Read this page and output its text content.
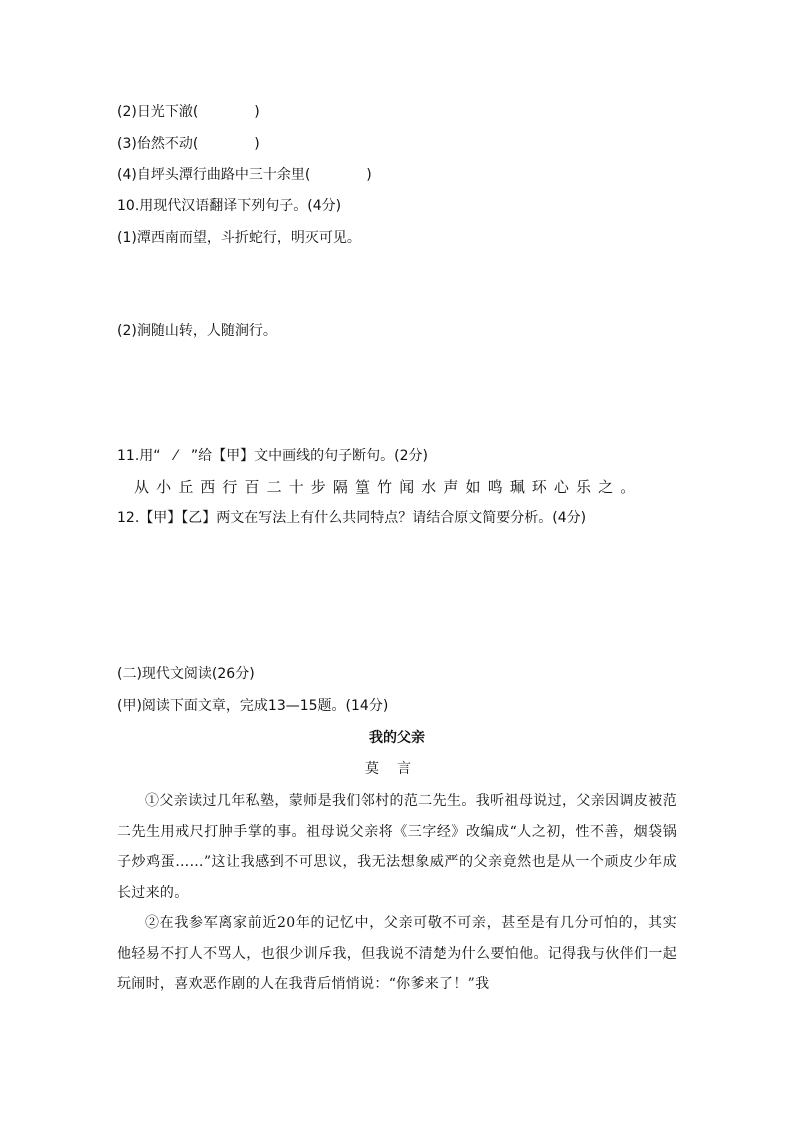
(2)日光下澈(　　　　)
(3)佁然不动(　　　　)
(4)自坪头潭行曲路中三十余里(　　　　)
10.用现代汉语翻译下列句子。(4分)
(1)潭西南而望，斗折蛇行，明灭可见。
(2)涧随山转，人随涧行。
11.用“　⁄　”给【甲】文中画线的句子断句。(2分)
从小丘西行百二十步隔篁竹闻水声如鸣珮环心乐之。
12.【甲】【乙】两文在写法上有什么共同特点？请结合原文简要分析。(4分)
(二)现代文阅读(26分)
(甲)阅读下面文章，完成13—15题。(14分)
我的父亲
莫言
①父亲读过几年私塾，蒙师是我们邻村的范二先生。我听祖母说过，父亲因调皮被范二先生用戒尺打肿手掌的事。祖母说父亲将《三字经》改编成“人之初，性不善，烟袋锅子炒鸡蛋……”这让我感到不可思议，我无法想象威严的父亲竟然也是从一个顽皮少年成长过来的。
②在我参军离家前近20年的记忆中，父亲可敬不可亲，甚至是有几分可怕的，其实他轻易不打人不骂人，也很少训斥我，但我说不清楚为什么要怕他。记得我与伙伴们一起玩闹时，喜欢恶作剧的人在我背后悄悄说：“你爹来了！”我
